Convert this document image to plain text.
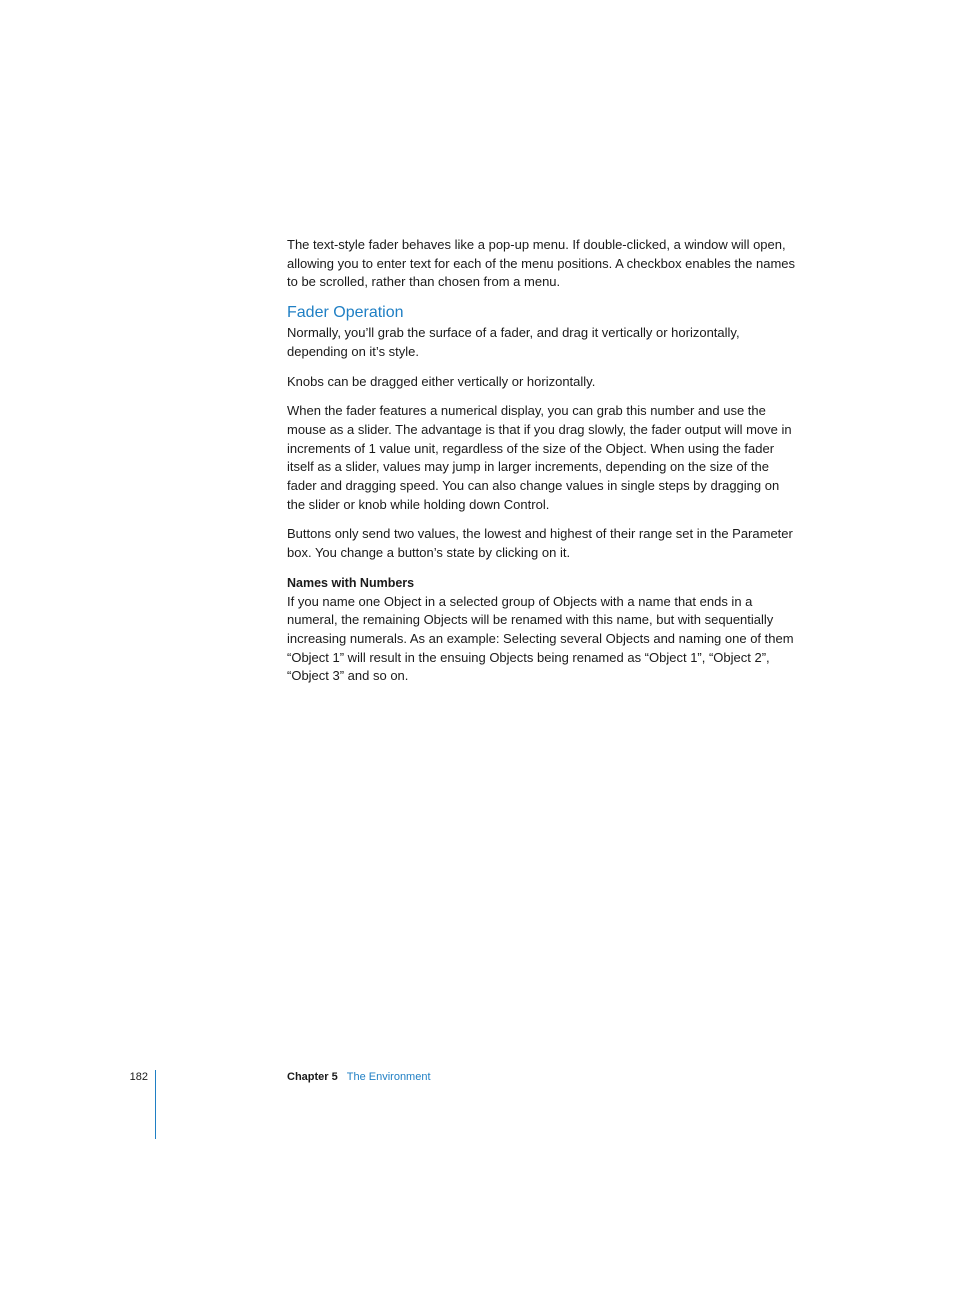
The text-style fader behaves like a pop-up menu. If double-clicked, a window will open, allowing you to enter text for each of the menu positions. A checkbox enables the names to be scrolled, rather than chosen from a menu.

Fader Operation

Normally, you’ll grab the surface of a fader, and drag it vertically or horizontally, depending on it’s style.

Knobs can be dragged either vertically or horizontally.

When the fader features a numerical display, you can grab this number and use the mouse as a slider. The advantage is that if you drag slowly, the fader output will move in increments of 1 value unit, regardless of the size of the Object. When using the fader itself as a slider, values may jump in larger increments, depending on the size of the fader and dragging speed. You can also change values in single steps by dragging on the slider or knob while holding down Control.

Buttons only send two values, the lowest and highest of their range set in the Parameter box. You change a button’s state by clicking on it.

Names with Numbers

If you name one Object in a selected group of Objects with a name that ends in a numeral, the remaining Objects will be renamed with this name, but with sequentially increasing numerals. As an example: Selecting several Objects and naming one of them “Object 1” will result in the ensuing Objects being renamed as “Object 1”, “Object 2”, “Object 3” and so on.

182	Chapter 5 The Environment
